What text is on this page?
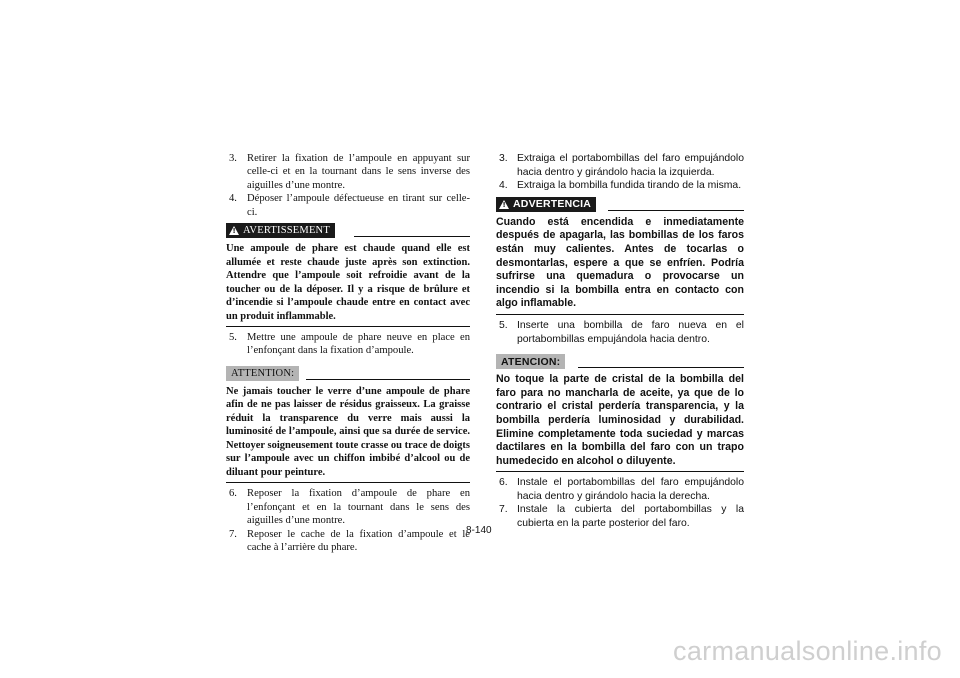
3. Retirer la fixation de l’ampoule en appuyant sur celle-ci et en la tournant dans le sens inverse des aiguilles d’une montre.

4. Déposer l’ampoule défectueuse en tirant sur celle-ci.

!
AVERTISSEMENT

Une ampoule de phare est chaude quand elle est allumée et reste chaude juste après son extinction. Attendre que l’ampoule soit refroidie avant de la toucher ou de la déposer. Il y a risque de brûlure et d’incendie si l’ampoule chaude entre en contact avec un produit inflammable.

5. Mettre une ampoule de phare neuve en place en l’enfonçant dans la fixation d’ampoule.

ATTENTION:

Ne jamais toucher le verre d’une ampoule de phare afin de ne pas laisser de résidus graisseux. La graisse réduit la transparence du verre mais aussi la luminosité de l’ampoule, ainsi que sa durée de service. Nettoyer soigneusement toute crasse ou trace de doigts sur l’ampoule avec un chiffon imbibé d’alcool ou de diluant pour peinture.

6. Reposer la fixation d’ampoule de phare en l’enfonçant et en la tournant dans le sens des aiguilles d’une montre.

7. Reposer le cache de la fixation d’ampoule et le cache à l’arrière du phare.

3. Extraiga el portabombillas del faro empujándolo hacia dentro y girándolo hacia la izquierda.

4. Extraiga la bombilla fundida tirando de la misma.

!
ADVERTENCIA

Cuando está encendida e inmediatamente después de apagarla, las bombillas de los faros están muy calientes. Antes de tocarlas o desmontarlas, espere a que se enfríen. Podría sufrirse una quemadura o provocarse un incendio si la bombilla entra en contacto con algo inflamable.

5. Inserte una bombilla de faro nueva en el portabombillas empujándola hacia dentro.

ATENCION:

No toque la parte de cristal de la bombilla del faro para no mancharla de aceite, ya que de lo contrario el cristal perdería transparencia, y la bombilla perdería luminosidad y durabilidad. Elimine completamente toda suciedad y marcas dactilares en la bombilla del faro con un trapo humedecido en alcohol o diluyente.

6. Instale el portabombillas del faro empujándolo hacia dentro y girándolo hacia la derecha.

7. Instale la cubierta del portabombillas y la cubierta en la parte posterior del faro.

8-140
carmanualsonline.info
